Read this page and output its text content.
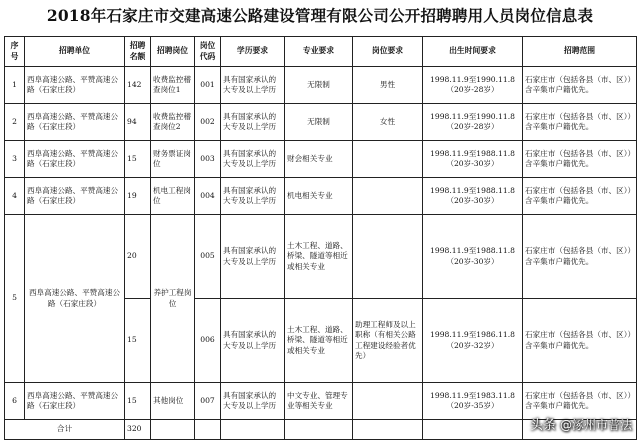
2018年石家庄市交建高速公路建设管理有限公司公开招聘聘用人员岗位信息表
序号	招聘单位	招聘名额	招聘岗位	岗位代码	学历要求	专业要求	岗位要求	出生时间要求	招聘范围
1	西阜高速公路、平赞高速公路（石家庄段）	142	收费监控稽查岗位1	001	具有国家承认的大专及以上学历	无限制	男性	1998.11.9至1990.11.8（20岁-28岁）	石家庄市（包括各县（市、区））含辛集市户籍优先。
2	西阜高速公路、平赞高速公路（石家庄段）	94	收费监控稽查岗位2	002	具有国家承认的大专及以上学历	无限制	女性	1998.11.9至1990.11.8（20岁-28岁）	石家庄市（包括各县（市、区））含辛集市户籍优先。
3	西阜高速公路、平赞高速公路（石家庄段）	15	财务票证岗位	003	具有国家承认的大专及以上学历	财会相关专业		1998.11.9至1988.11.8（20岁-30岁）	石家庄市（包括各县（市、区））含辛集市户籍优先。
4	西阜高速公路、平赞高速公路（石家庄段）	19	机电工程岗位	004	具有国家承认的大专及以上学历	机电相关专业		1998.11.9至1988.11.8（20岁-30岁）	石家庄市（包括各县（市、区））含辛集市户籍优先。
5	西阜高速公路、平赞高速公路（石家庄段）	20	养护工程岗位	005	具有国家承认的大专及以上学历	土木工程、道路、桥梁、隧道等相近或相关专业		1998.11.9至1988.11.8（20岁-30岁）	石家庄市（包括各县（市、区））含辛集市户籍优先。
		15		006	具有国家承认的大专及以上学历	土木工程、道路、桥梁、隧道等相近或相关专业	助理工程师及以上职称（有相关公路工程建设经验者优先）	1998.11.9至1986.11.8（20岁-32岁）	石家庄市（包括各县（市、区））含辛集市户籍优先。
6	西阜高速公路、平赞高速公路（石家庄段）	15	其他岗位	007	具有国家承认的大专及以上学历	中文专业、管理专业等相关专业		1998.11.9至1983.11.8（20岁-35岁）	石家庄市（包括各县（市、区））含辛集市户籍优先。
合计		320								头条 @涿州市普法
